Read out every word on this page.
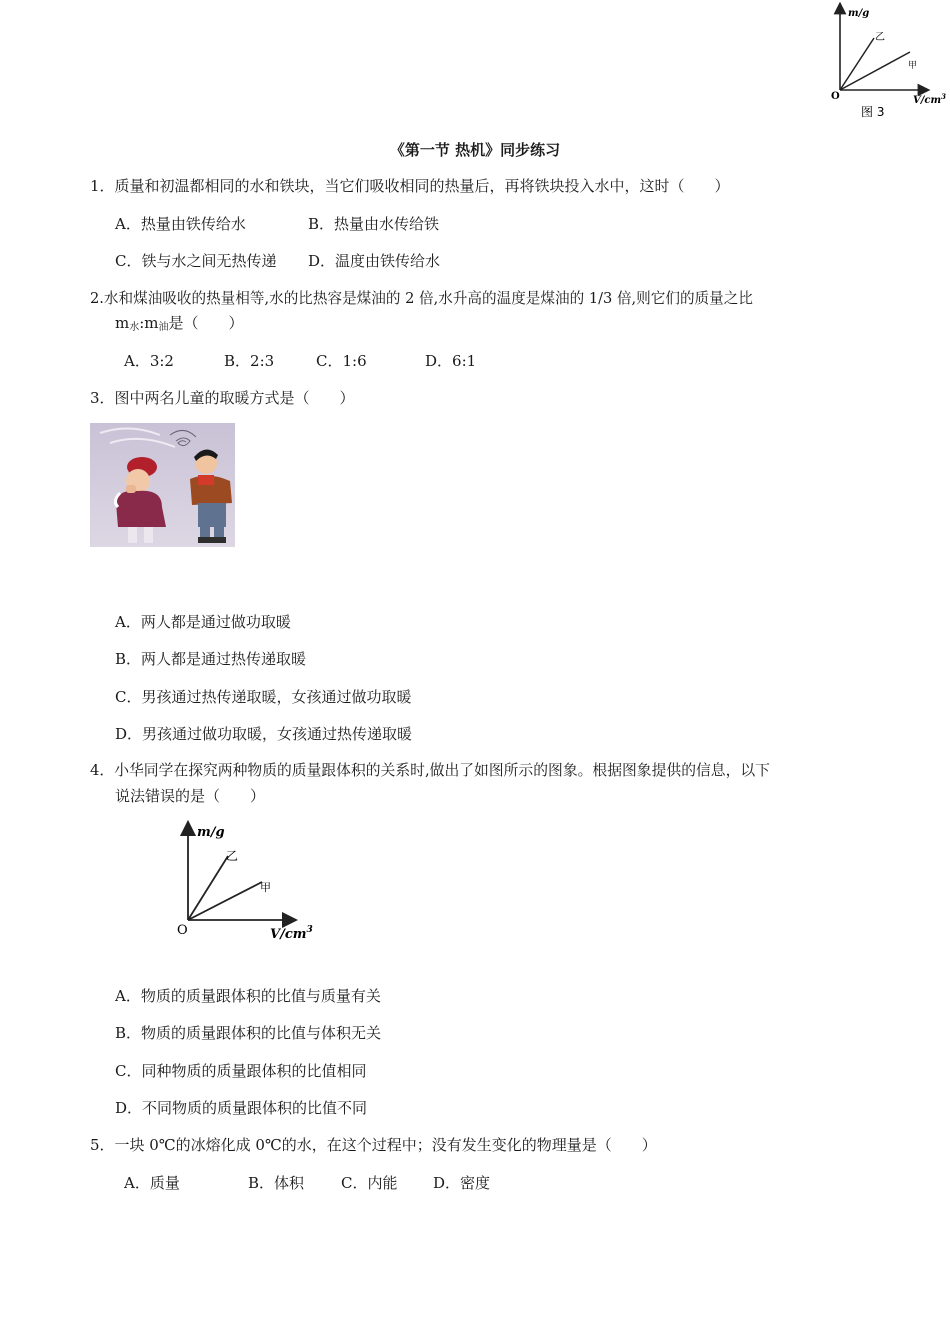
m/g
乙
甲
O	$V/cm^3$
图 3
《第一节 热机》同步练习
1．质量和初温都相同的水和铁块，当它们吸收相同的热量后，再将铁块投入水中，这时（　　）
A．热量由铁传给水	B．热量由水传给铁
C．铁与水之间无热传递 D．温度由铁传给水
2.水和煤油吸收的热量相等,水的比热容是煤油的 2 倍,水升高的温度是煤油的 1/3 倍,则它们的质量之比
$m_水:m_油$是（　　）
A．3:2	B．2:3	C．1:6	D．6:1
3．图中两名儿童的取暖方式是（　　）
A．两人都是通过做功取暖
B．两人都是通过热传递取暖
C．男孩通过热传递取暖，女孩通过做功取暖
D．男孩通过做功取暖，女孩通过热传递取暖
4．小华同学在探究两种物质的质量跟体积的关系时,做出了如图所示的图象。根据图象提供的信息，以下
说法错误的是（　　）
m/g
乙
甲
O	$V/cm^3$
A．物质的质量跟体积的比值与质量有关
B．物质的质量跟体积的比值与体积无关
C．同种物质的质量跟体积的比值相同
D．不同物质的质量跟体积的比值不同
5．一块 0℃的冰熔化成 0℃的水，在这个过程中；没有发生变化的物理量是（　　）
A．质量	B．体积 C．内能 D．密度
